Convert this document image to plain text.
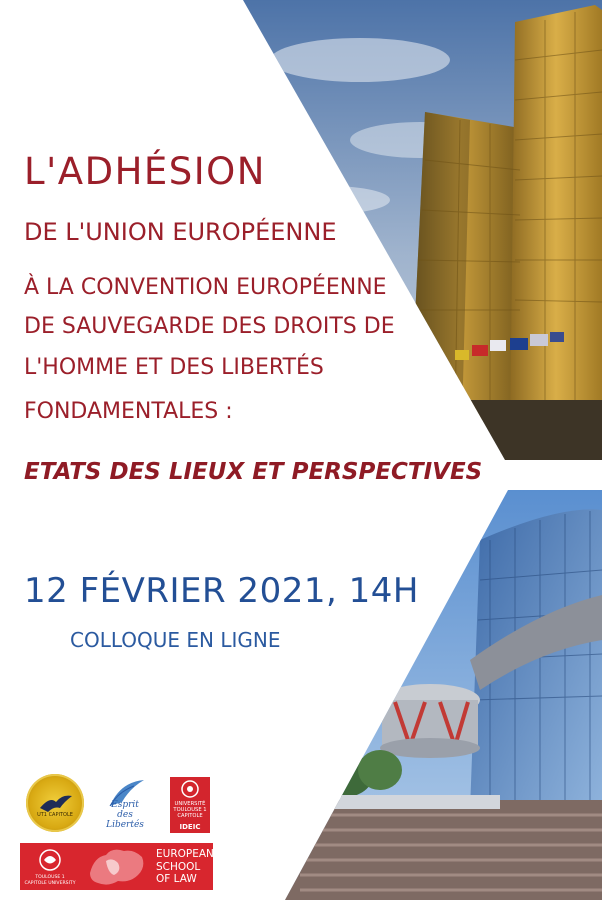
L'ADHÉSION
DE L'UNION EUROPÉENNE

À LA CONVENTION EUROPÉENNE

DE SAUVEGARDE DES DROITS DE

L'HOMME ET DES LIBERTÉS

FONDAMENTALES :

ETATS DES LIEUX ET PERSPECTIVES

12 FÉVRIER 2021, 14H

COLLOQUE EN LIGNE

UT1 CAPITOLE
Esprit des Libertés
UNIVERSITÉ TOULOUSE 1 CAPITOLE
IDEIC
TOULOUSE 1 CAPITOLE UNIVERSITY
EUROPEAN
SCHOOL
OF LAW
